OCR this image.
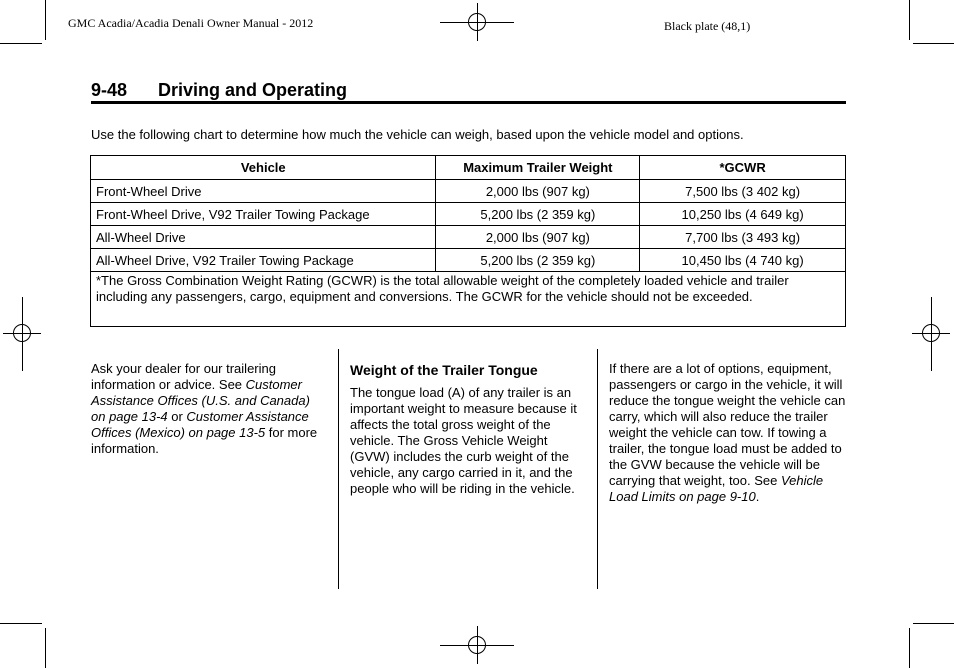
GMC Acadia/Acadia Denali Owner Manual - 2012	Black plate (48,1)
9-48 Driving and Operating
Use the following chart to determine how much the vehicle can weigh, based upon the vehicle model and options.
Vehicle	Maximum Trailer Weight	*GCWR
Front-Wheel Drive	2,000 lbs (907 kg)	7,500 lbs (3 402 kg)
Front-Wheel Drive, V92 Trailer Towing Package	5,200 lbs (2 359 kg)	10,250 lbs (4 649 kg)
All-Wheel Drive	2,000 lbs (907 kg)	7,700 lbs (3 493 kg)
All-Wheel Drive, V92 Trailer Towing Package	5,200 lbs (2 359 kg)	10,450 lbs (4 740 kg)
*The Gross Combination Weight Rating (GCWR) is the total allowable weight of the completely loaded vehicle and trailer including any passengers, cargo, equipment and conversions. The GCWR for the vehicle should not be exceeded.		

Ask your dealer for our trailering information or advice. See Customer Assistance Offices (U.S. and Canada) on page 13-4 or Customer Assistance Offices (Mexico) on page 13-5 for more information.

Weight of the Trailer Tongue

The tongue load (A) of any trailer is an important weight to measure because it affects the total gross weight of the vehicle. The Gross Vehicle Weight (GVW) includes the curb weight of the vehicle, any cargo carried in it, and the people who will be riding in the vehicle.

If there are a lot of options, equipment, passengers or cargo in the vehicle, it will reduce the tongue weight the vehicle can carry, which will also reduce the trailer weight the vehicle can tow. If towing a trailer, the tongue load must be added to the GVW because the vehicle will be carrying that weight, too. See Vehicle Load Limits on page 9-10.
